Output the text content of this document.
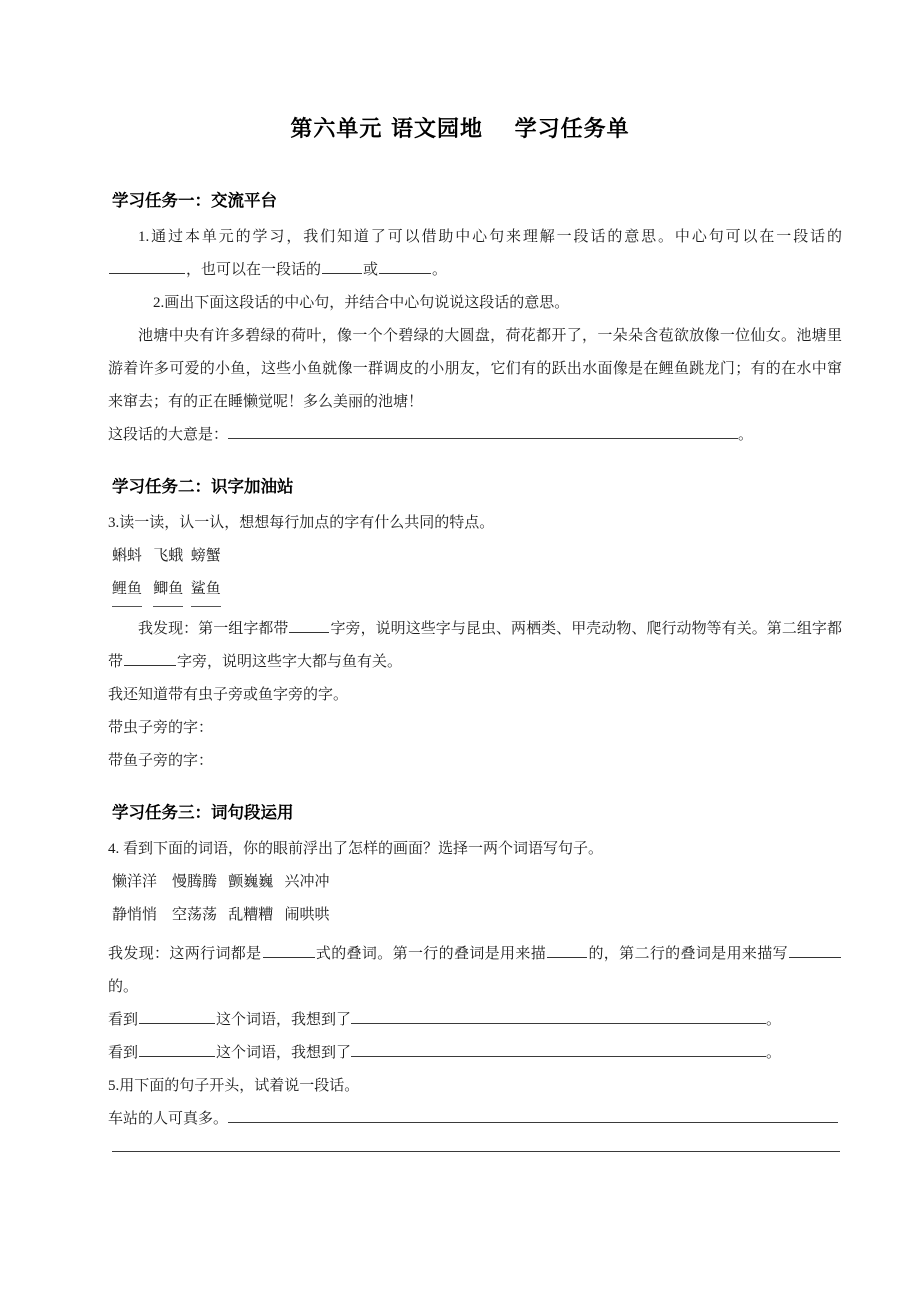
第六单元 语文园地　 学习任务单
学习任务一：交流平台
1.通过本单元的学习，我们知道了可以借助中心句来理解一段话的意思。中心句可以在一段话的，也可以在一段话的	或	。
2.画出下面这段话的中心句，并结合中心句说说这段话的意思。
池塘中央有许多碧绿的荷叶，像一个个碧绿的大圆盘，荷花都开了，一朵朵含苞欲放像一位仙女。池塘里游着许多可爱的小鱼，这些小鱼就像一群调皮的小朋友，它们有的跃出水面像是在鲤鱼跳龙门；有的在水中窜来窜去；有的正在睡懒觉呢！多么美丽的池塘！
这段话的大意是：	。
学习任务二：识字加油站
3.读一读，认一认，想想每行加点的字有什么共同的特点。
蝌蚪 飞蛾 螃蟹
鲤鱼 鲫鱼 鲨鱼
我发现：第一组字都带	字旁，说明这些字与昆虫、两栖类、甲壳动物、爬行动物等有关。第二组字都带	字旁，说明这些字大都与鱼有关。
我还知道带有虫子旁或鱼字旁的字。
带虫子旁的字：
带鱼子旁的字：
学习任务三：词句段运用
4. 看到下面的词语，你的眼前浮出了怎样的画面？选择一两个词语写句子。
懒洋洋 慢腾腾 颤巍巍 兴冲冲
静悄悄 空荡荡 乱糟糟 闹哄哄
我发现：这两行词都是	式的叠词。第一行的叠词是用来描	的，第二行的叠词是用来描写的。
看到	这个词语，我想到了	。
看到	这个词语，我想到了	。
5.用下面的句子开头，试着说一段话。
车站的人可真多。
